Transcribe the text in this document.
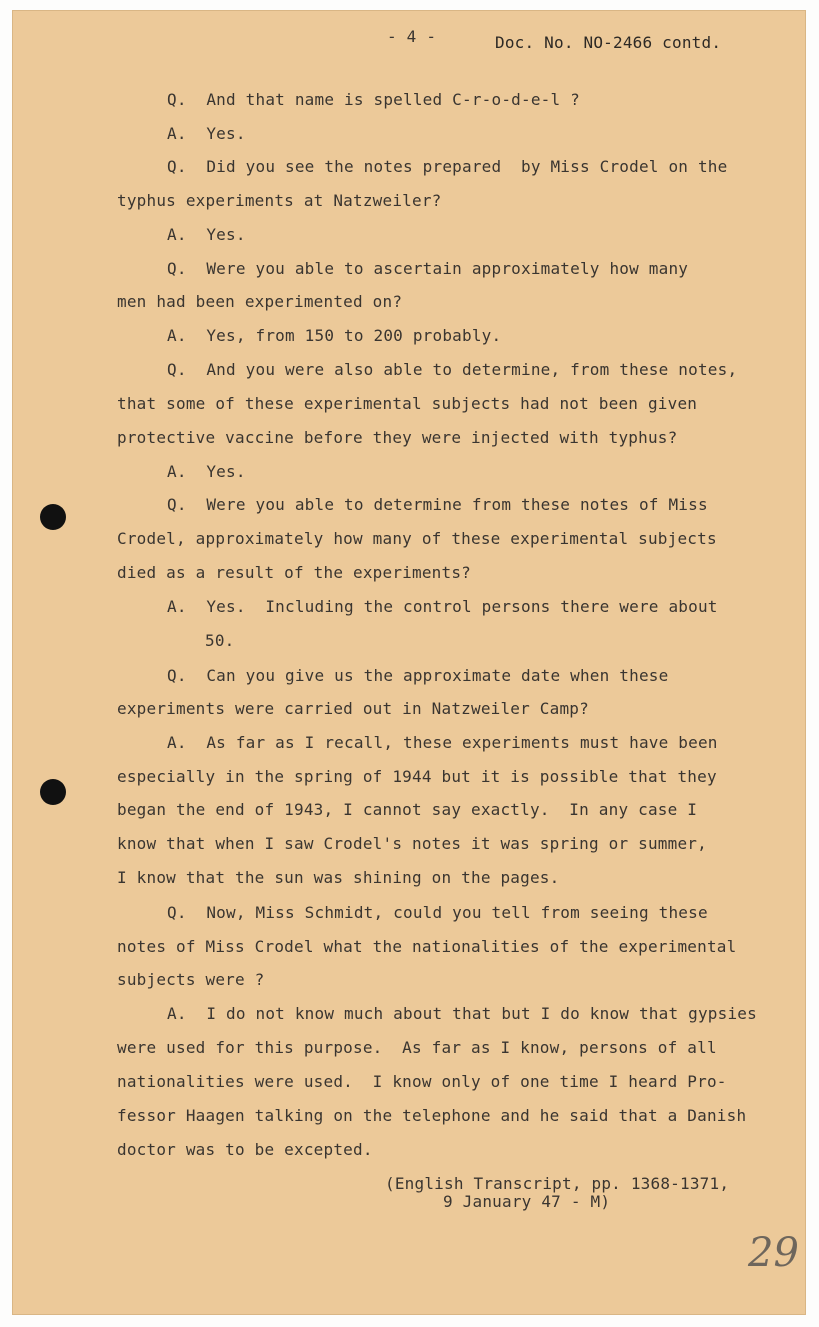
- 4 -	Doc. No. NO-2466 contd.

Q.  And that name is spelled C-r-o-d-e-l ?

A.  Yes.

Q.  Did you see the notes prepared  by Miss Crodel on the

typhus experiments at Natzweiler?

A.  Yes.

Q.  Were you able to ascertain approximately how many

men had been experimented on?

A.  Yes, from 150 to 200 probably.

Q.  And you were also able to determine, from these notes,

that some of these experimental subjects had not been given

protective vaccine before they were injected with typhus?

A.  Yes.

Q.  Were you able to determine from these notes of Miss

Crodel, approximately how many of these experimental subjects

died as a result of the experiments?

A.  Yes.  Including the control persons there were about

50.

Q.  Can you give us the approximate date when these

experiments were carried out in Natzweiler Camp?

A.  As far as I recall, these experiments must have been

especially in the spring of 1944 but it is possible that they

began the end of 1943, I cannot say exactly.  In any case I

know that when I saw Crodel's notes it was spring or summer,

I know that the sun was shining on the pages.

Q.  Now, Miss Schmidt, could you tell from seeing these

notes of Miss Crodel what the nationalities of the experimental

subjects were ?

A.  I do not know much about that but I do know that gypsies

were used for this purpose.  As far as I know, persons of all

nationalities were used.  I know only of one time I heard Pro-

fessor Haagen talking on the telephone and he said that a Danish

doctor was to be excepted.

(English Transcript, pp. 1368-1371,

9 January 47 - M)

29
